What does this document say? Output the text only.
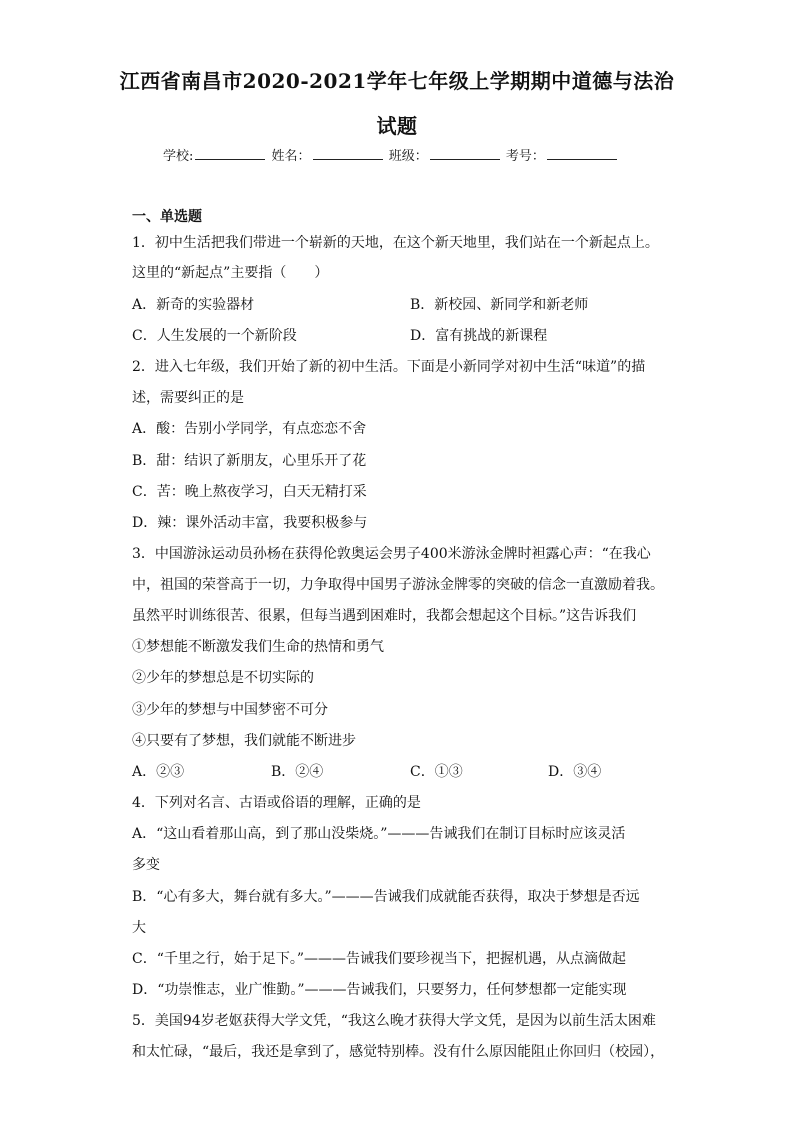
江西省南昌市2020-2021学年七年级上学期期中道德与法治
试题
学校:	姓名：	班级：	考号：
一、单选题
1．初中生活把我们带进一个崭新的天地，在这个新天地里，我们站在一个新起点上。
这里的“新起点”主要指（　　）
A．新奇的实验器材	B．新校园、新同学和新老师
C．人生发展的一个新阶段	D．富有挑战的新课程
2．进入七年级，我们开始了新的初中生活。下面是小新同学对初中生活“味道”的描
述，需要纠正的是
A．酸：告别小学同学，有点恋恋不舍
B．甜：结识了新朋友，心里乐开了花
C．苦：晚上熬夜学习，白天无精打采
D．辣：课外活动丰富，我要积极参与
3．中国游泳运动员孙杨在获得伦敦奥运会男子400米游泳金牌时袒露心声：“在我心
中，祖国的荣誉高于一切，力争取得中国男子游泳金牌零的突破的信念一直激励着我。
虽然平时训练很苦、很累，但每当遇到困难时，我都会想起这个目标。”这告诉我们
①梦想能不断激发我们生命的热情和勇气
②少年的梦想总是不切实际的
③少年的梦想与中国梦密不可分
④只要有了梦想，我们就能不断进步
A．②③	B．②④	C．①③	D．③④
4．下列对名言、古语或俗语的理解，正确的是
A．“这山看着那山高，到了那山没柴烧。”———告诫我们在制订目标时应该灵活
多变
B．“心有多大，舞台就有多大。”———告诫我们成就能否获得，取决于梦想是否远
大
C．“千里之行，始于足下。”———告诫我们要珍视当下，把握机遇，从点滴做起
D．“功崇惟志，业广惟勤。”———告诫我们，只要努力，任何梦想都一定能实现
5．美国94岁老妪获得大学文凭，“我这么晚才获得大学文凭，是因为以前生活太困难
和太忙碌，“最后，我还是拿到了，感觉特别棒。没有什么原因能阻止你回归（校园），
